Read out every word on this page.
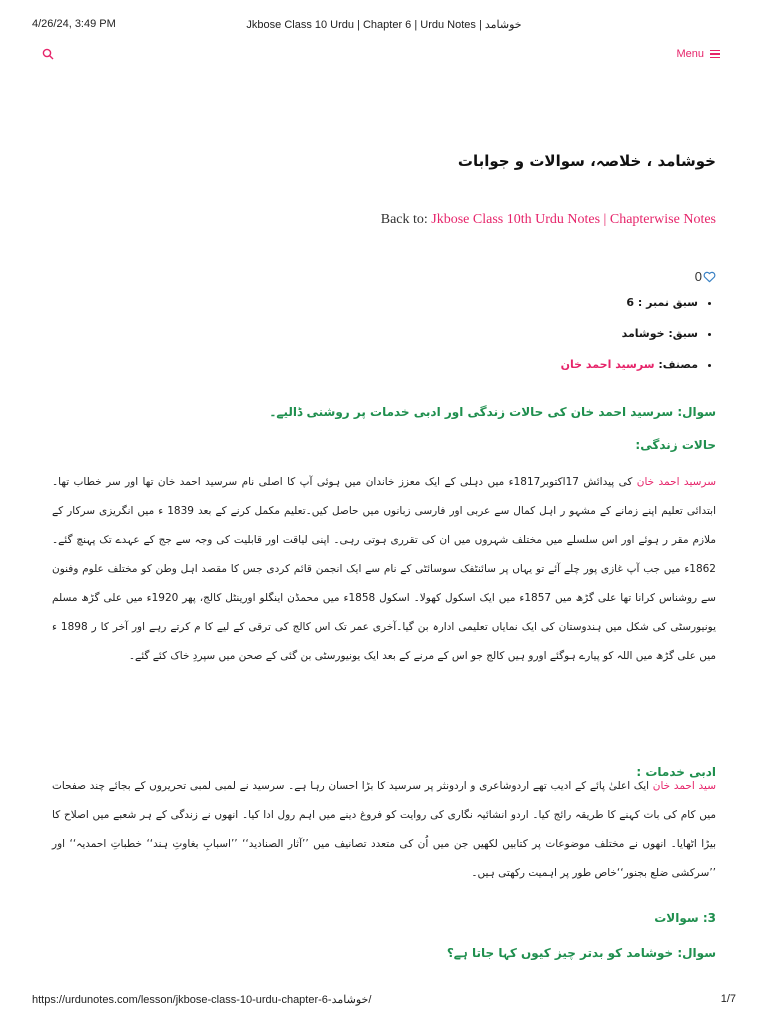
4/26/24, 3:49 PM	Jkbose Class 10 Urdu | Chapter 6 | Urdu Notes | خوشامد
Menu
خوشامد ، خلاصہ، سوالات و جوابات
Back to: Jkbose Class 10th Urdu Notes | Chapterwise Notes
0
• سبق نمبر : 6
• سبق: خوشامد
• مصنف: سرسید احمد خان
سوال: سرسید احمد خان کی حالات زندگی اور ادبی خدمات پر روشنی ڈالیے۔
حالات زندگی:

سرسید احمد خان کی پیدائش 17اکتوبر1817ء میں دہلی کے ایک معزز خاندان میں ہوئی آپ کا اصلی نام سرسید احمد خان تھا اور سر خطاب تھا۔ ابتدائی تعلیم اپنے زمانے کے مشہو ر اہل کمال سے عربی اور فارسی زبانوں میں حاصل کیں۔تعلیم مکمل کرنے کے بعد 1839 ء میں انگریزی سرکار کے ملازم مقر ر ہوئے اور اس سلسلے میں مختلف شہروں میں ان کی تقرری ہوتی رہی۔ اپنی لیاقت اور قابلیت کی وجہ سے جج کے عہدے تک پہنچ گئے۔1862ء میں جب آپ غازی پور چلے آئے تو یہاں پر سائنٹفک سوسائٹی کے نام سے ایک انجمن قائم کردی جس کا مقصد اہل وطن کو مختلف علوم وفنون سے روشناس کرانا تھا علی گڑھ میں 1857ء میں ایک اسکول کھولا۔ اسکول 1858ء میں محمڈن اینگلو اورینٹل کالج، پھر 1920ء میں علی گڑھ مسلم یونیورسٹی کی شکل میں ہندوستان کی ایک نمایاں تعلیمی ادارہ بن گیا۔آخری عمر تک اس کالج کی ترقی کے لیے کا م کرتے رہے اور آخر کا ر 1898 ء میں علی گڑھ میں اللہ کو پیارے ہوگئے اورو ہیں کالج جو اس کے مرنے کے بعد ایک یونیورسٹی بن گئی کے صحن میں سپردِ خاک کئے گئے۔

ادبی خدمات :

سید احمد خان ایک اعلیٰ پائے کے ادیب تھے اردوشاعری و اردونثر پر سرسید کا بڑا احسان رہا ہے۔ سرسید نے لمبی لمبی تحریروں کے بجائے چند صفحات میں کام کی بات کہنے کا طریقہ رائج کیا۔ اردو انشائیہ نگاری کی روایت کو فروغ دینے میں اہم رول ادا کیا۔ انھوں نے زندگی کے ہر شعبے میں اصلاح کا بیڑا اٹھایا۔ انھوں نے مختلف موضوعات پر کتابیں لکھیں جن میں اُن کی متعدد تصانیف میں ’’آثار الصنادید‘‘ ’’اسبابِ بغاوتِ ہند‘‘ خطباتِ احمدیہ‘‘ اور ’’سرکشی ضلع بجنور‘‘خاص طور پر اہمیت رکھتی ہیں۔

3: سوالات
سوال: خوشامد کو بدتر چیز کیوں کہا جاتا ہے؟
https://urdunotes.com/lesson/jkbose-class-10-urdu-chapter-6-خوشامد/	1/7
